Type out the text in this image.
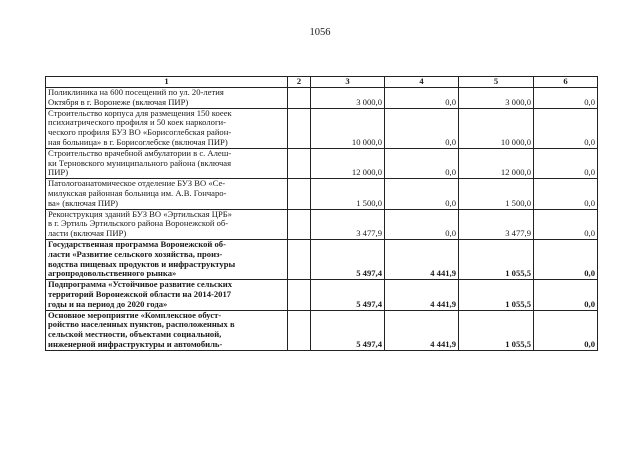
1056
1	2	3	4	5	6
Поликлиника на 600 посещений по ул. 20-летия
Октября в г. Воронеже (включая ПИР)		3 000,0	0,0	3 000,0	0,0
Строительство корпуса для размещения 150 коеек
психиатрического профиля и 50 коек наркологи-
ческого профиля БУЗ ВО «Борисоглебская район-
ная больница» в г. Борисоглебске (включая ПИР)		10 000,0	0,0	10 000,0	0,0
Строительство врачебной амбулатории в с. Алеш-
ки Терновского муниципального района (включая
ПИР)		12 000,0	0,0	12 000,0	0,0
Патологоанатомическое отделение БУЗ ВО «Се-
милукская районная больница им. А.В. Гончаро-
ва» (включая ПИР)		1 500,0	0,0	1 500,0	0,0
Реконструкция зданий БУЗ ВО «Эртильская ЦРБ»
в г. Эртиль Эртильского района Воронежской об-
ласти (включая ПИР)		3 477,9	0,0	3 477,9	0,0
Государственная программа Воронежской об-
ласти «Развитие сельского хозяйства, произ-
водства пищевых продуктов и инфраструктуры
агропродовольственного рынка»		5 497,4	4 441,9	1 055,5	0,0
Подпрограмма «Устойчивое развитие сельских
территорий Воронежской области на 2014-2017
годы и на период до 2020 года»		5 497,4	4 441,9	1 055,5	0,0
Основное мероприятие «Комплексное обуст-
ройство населенных пунктов, расположенных в
сельской местности, объектами социальной,
инженерной инфраструктуры и автомобиль-		5 497,4	4 441,9	1 055,5	0,0
